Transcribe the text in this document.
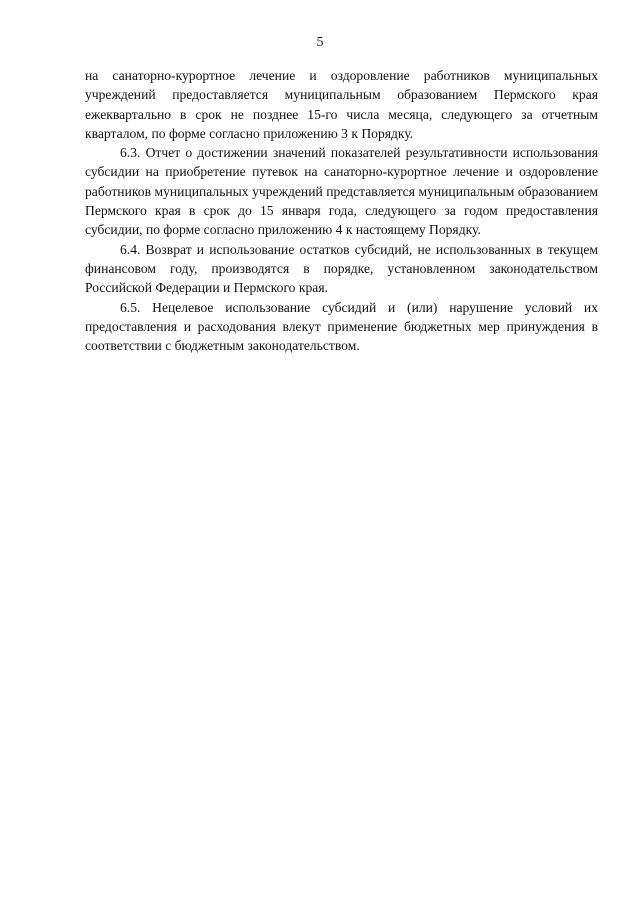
5

на санаторно-курортное лечение и оздоровление работников муниципальных учреждений предоставляется муниципальным образованием Пермского края ежеквартально в срок не позднее 15-го числа месяца, следующего за отчетным кварталом, по форме согласно приложению 3 к Порядку.

6.3. Отчет о достижении значений показателей результативности использования субсидии на приобретение путевок на санаторно-курортное лечение и оздоровление работников муниципальных учреждений представляется муниципальным образованием Пермского края в срок до 15 января года, следующего за годом предоставления субсидии, по форме согласно приложению 4 к настоящему Порядку.

6.4. Возврат и использование остатков субсидий, не использованных в текущем финансовом году, производятся в порядке, установленном законодательством Российской Федерации и Пермского края.

6.5. Нецелевое использование субсидий и (или) нарушение условий их предоставления и расходования влекут применение бюджетных мер принуждения в соответствии с бюджетным законодательством.
